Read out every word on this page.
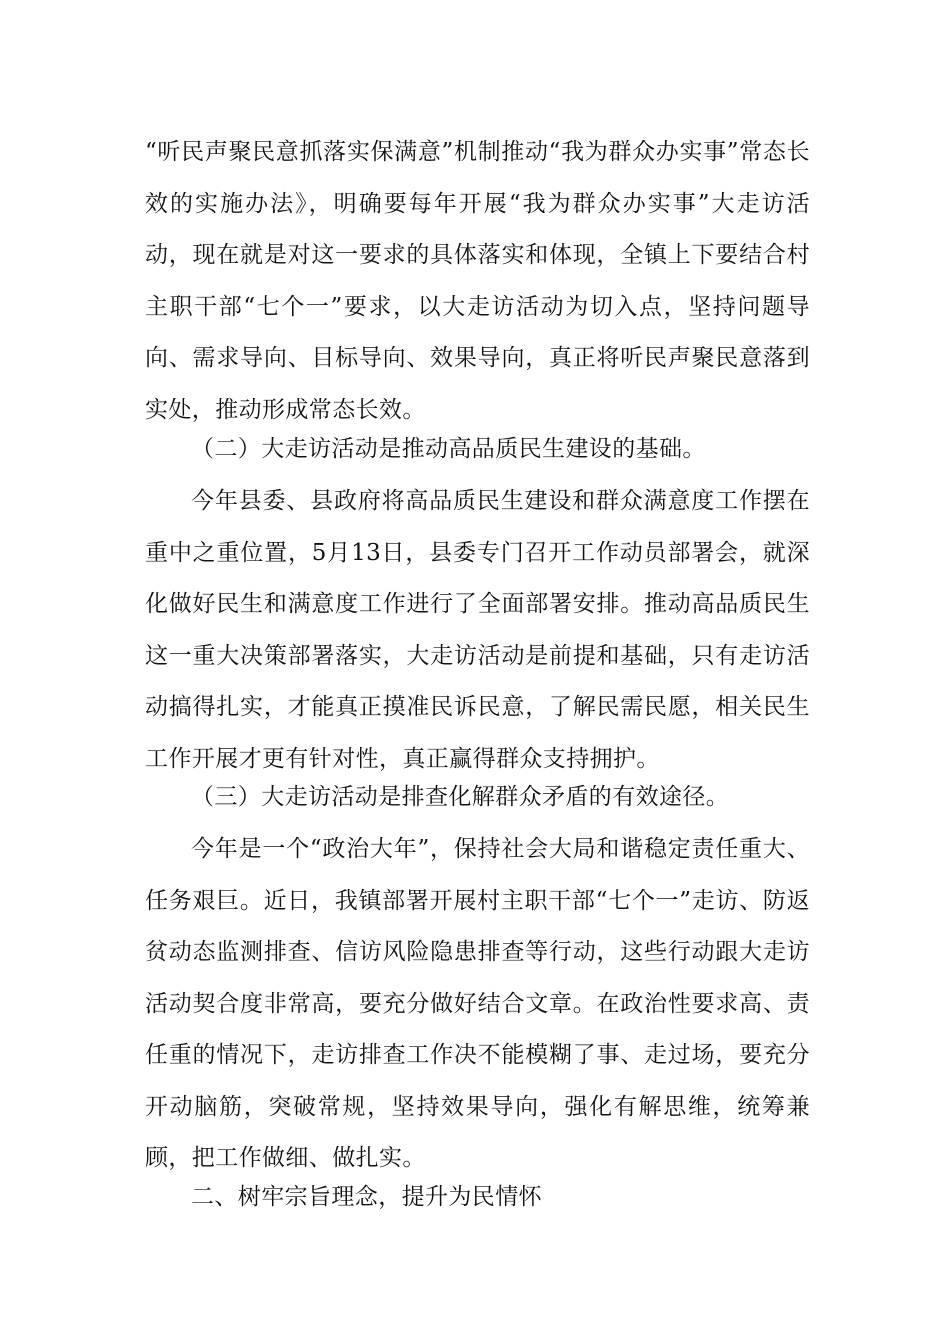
“听民声聚民意抓落实保满意”机制推动“我为群众办实事”常态长效的实施办法》，明确要每年开展“我为群众办实事”大走访活动，现在就是对这一要求的具体落实和体现，全镇上下要结合村主职干部“七个一”要求，以大走访活动为切入点，坚持问题导向、需求导向、目标导向、效果导向，真正将听民声聚民意落到实处，推动形成常态长效。

（二）大走访活动是推动高品质民生建设的基础。

今年县委、县政府将高品质民生建设和群众满意度工作摆在重中之重位置，5月13日，县委专门召开工作动员部署会，就深化做好民生和满意度工作进行了全面部署安排。推动高品质民生这一重大决策部署落实，大走访活动是前提和基础，只有走访活动搞得扎实，才能真正摸准民诉民意，了解民需民愿，相关民生工作开展才更有针对性，真正赢得群众支持拥护。

（三）大走访活动是排查化解群众矛盾的有效途径。

今年是一个“政治大年”，保持社会大局和谐稳定责任重大、任务艰巨。近日，我镇部署开展村主职干部“七个一”走访、防返贫动态监测排查、信访风险隐患排查等行动，这些行动跟大走访活动契合度非常高，要充分做好结合文章。在政治性要求高、责任重的情况下，走访排查工作决不能模糊了事、走过场，要充分开动脑筋，突破常规，坚持效果导向，强化有解思维，统筹兼顾，把工作做细、做扎实。

二、树牢宗旨理念，提升为民情怀
